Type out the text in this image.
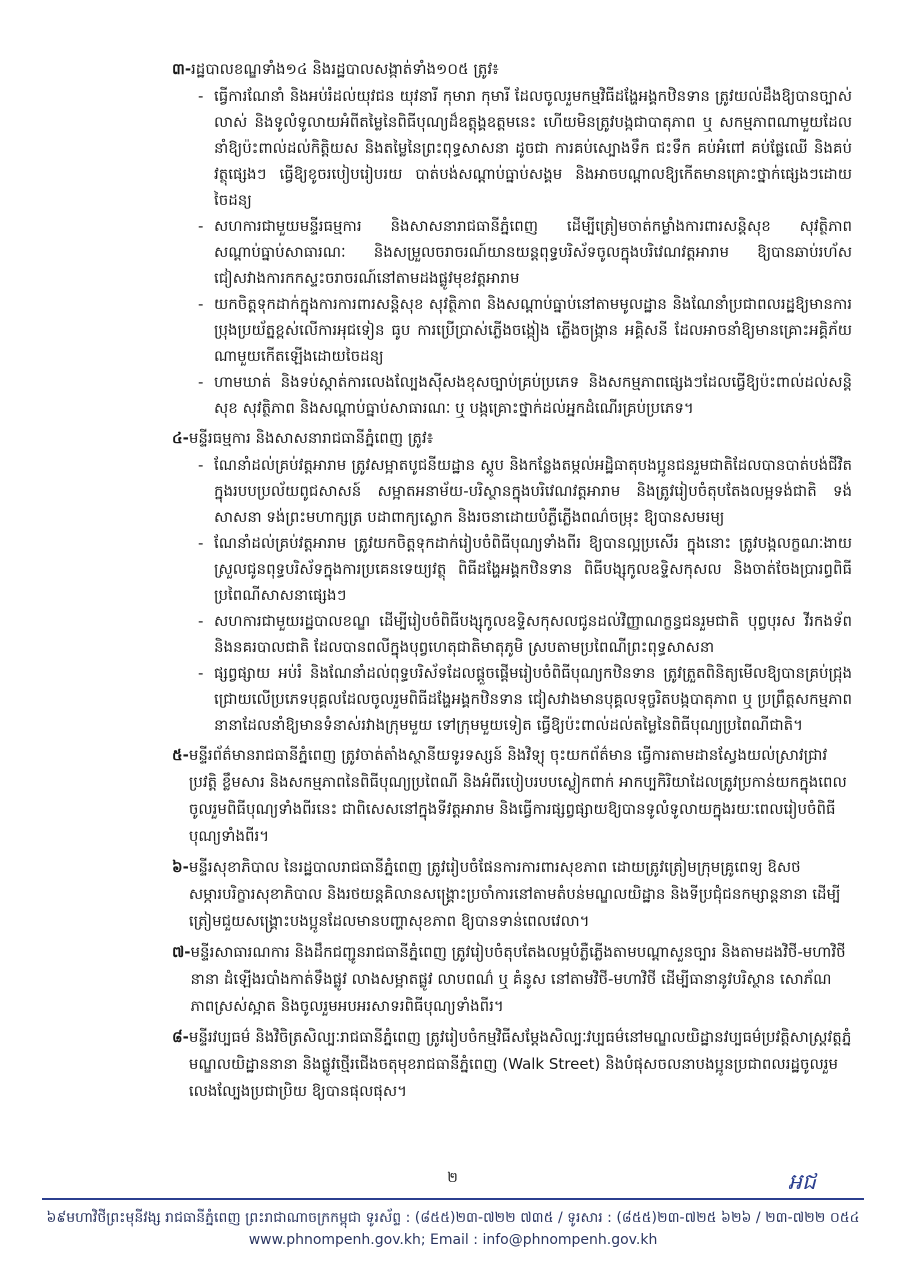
៣- រដ្ឋបាលខណ្ឌទាំង១៤ និងរដ្ឋបាលសង្កាត់ទាំង១០៥ ត្រូវ៖
- ធ្វើការណែនាំ និងអប់រំដល់យុវជន យុវនារី កុមារា កុមារី ដែលចូលរួមកម្មវិធីដង្ហែអង្គកឋិនទាន ត្រូវយល់ដឹងឱ្យបានច្បាស់លាស់ និងទូលំទូលាយអំពីតម្លៃនៃពិធីបុណ្យដ៏ឧត្តុង្គឧត្តមនេះ ហើយមិនត្រូវបង្កជាបាតុភាព ឬ សកម្មភាពណាមួយដែលនាំឱ្យប៉ះពាល់ដល់កិត្តិយស និងតម្លៃនៃព្រះពុទ្ធសាសនា ដូចជា ការគប់ស្បោងទឹក ជះទឹក គប់អំពៅ គប់ផ្លែឈើ និងគប់វត្ថុផ្សេងៗ ធ្វើឱ្យខូចរបៀបរៀបរយ បាត់បង់សណ្តាប់ធ្នាប់សង្គម និងអាចបណ្តាលឱ្យកើតមានគ្រោះថ្នាក់ផ្សេងៗដោយចៃដន្យ
- សហការជាមួយមន្ទីរធម្មការ និងសាសនារាជធានីភ្នំពេញ ដើម្បីត្រៀមចាត់កម្លាំងការពារសន្តិសុខ សុវត្ថិភាព សណ្តាប់ធ្នាប់សាធារណៈ និងសម្រួលចរាចរណ៍យានយន្តពុទ្ធបរិស័ទចូលក្នុងបរិវេណវត្តអារាម ឱ្យបានឆាប់រហ័ស ជៀសវាងការកកស្ទះចរាចរណ៍នៅតាមដងផ្លូវមុខវត្តអារាម
- យកចិត្តទុកដាក់ក្នុងការការពារសន្តិសុខ សុវត្ថិភាព និងសណ្តាប់ធ្នាប់នៅតាមមូលដ្ឋាន និងណែនាំប្រជាពលរដ្ឋឱ្យមានការប្រុងប្រយ័ត្នខ្ពស់លើការអុជទៀន ធូប ការប្រើប្រាស់ភ្លើងចង្កៀង ភ្លើងចង្រ្កាន អគ្គិសនី ដែលអាចនាំឱ្យមានគ្រោះអគ្គិភ័យណាមួយកើតឡើងដោយចៃដន្យ
- ហាមឃាត់ និងទប់ស្កាត់ការលេងល្បែងស៊ីសងខុសច្បាប់គ្រប់ប្រភេទ និងសកម្មភាពផ្សេងៗដែលធ្វើឱ្យប៉ះពាល់ដល់សន្តិសុខ សុវត្ថិភាព និងសណ្តាប់ធ្នាប់សាធារណៈ ឬ បង្កគ្រោះថ្នាក់ដល់អ្នកដំណើរគ្រប់ប្រភេទ។
៤- មន្ទីរធម្មការ និងសាសនារាជធានីភ្នំពេញ ត្រូវ៖
- ណែនាំដល់គ្រប់វត្តអារាម ត្រូវសម្អាតបូជនីយដ្ឋាន ស្តូប និងកន្លែងតម្កល់អដ្ឋិធាតុបងប្អូនជនរួមជាតិដែលបានបាត់បង់ជីវិតក្នុងរបបប្រល័យពូជសាសន៍ សម្អាតអនាម័យ-បរិស្ថានក្នុងបរិវេណវត្តអារាម និងត្រូវរៀបចំតុបតែងលម្អទង់ជាតិ ទង់សាសនា ទង់ព្រះមហាក្សត្រ បដាពាក្យស្លោក និងរចនាដោយបំភ្លឺភ្លើងពណ៌ចម្រុះ ឱ្យបានសមរម្យ
- ណែនាំដល់គ្រប់វត្តអារាម ត្រូវយកចិត្តទុកដាក់រៀបចំពិធីបុណ្យទាំងពីរ ឱ្យបានល្អប្រសើរ ក្នុងនោះ ត្រូវបង្កលក្ខណៈងាយស្រួលជូនពុទ្ធបរិស័ទក្នុងការប្រគេនទេយ្យវត្ថុ ពិធីដង្ហែអង្គកឋិនទាន ពិធីបង្សុកូលឧទ្ទិសកុសល និងចាត់ចែងប្រារព្ធពិធីប្រពៃណីសាសនាផ្សេងៗ
- សហការជាមួយរដ្ឋបាលខណ្ឌ ដើម្បីរៀបចំពិធីបង្សុកូលឧទ្ទិសកុសលជូនដល់វិញ្ញាណក្ខន្ធជនរួមជាតិ បុព្វបុរស វីរកងទ័ព និងនគរបាលជាតិ ដែលបានពលីក្នុងបុព្វហេតុជាតិមាតុភូមិ ស្របតាមប្រពៃណីព្រះពុទ្ធសាសនា
- ផ្សព្វផ្សាយ អប់រំ និងណែនាំដល់ពុទ្ធបរិស័ទដែលផ្តួចផ្តើមរៀបចំពិធីបុណ្យកឋិនទាន ត្រូវត្រួតពិនិត្យមើលឱ្យបានគ្រប់ជ្រុងជ្រោយលើប្រភេទបុគ្គលដែលចូលរួមពិធីដង្ហែអង្គកឋិនទាន ជៀសវាងមានបុគ្គលទុច្ចរិតបង្កបាតុភាព ឬ ប្រព្រឹត្តសកម្មភាពនានាដែលនាំឱ្យមានទំនាស់រវាងក្រុមមួយ ទៅក្រុមមួយទៀត ធ្វើឱ្យប៉ះពាល់ដល់តម្លៃនៃពិធីបុណ្យប្រពៃណីជាតិ។
៥- មន្ទីរព័ត៌មានរាជធានីភ្នំពេញ ត្រូវចាត់តាំងស្ថានីយទូរទស្សន៍ និងវិទ្យុ ចុះយកព័ត៌មាន ធ្វើការតាមដានស្វែងយល់ស្រាវជ្រាវប្រវត្តិ ខ្លឹមសារ និងសកម្មភាពនៃពិធីបុណ្យប្រពៃណី និងអំពីរបៀបរបបស្លៀកពាក់ អាកប្បកិរិយាដែលត្រូវប្រកាន់យកក្នុងពេលចូលរួមពិធីបុណ្យទាំងពីរនេះ ជាពិសេសនៅក្នុងទីវត្តអារាម និងធ្វើការផ្សព្វផ្សាយឱ្យបានទូលំទូលាយក្នុងរយៈពេលរៀបចំពិធីបុណ្យទាំងពីរ។
៦- មន្ទីរសុខាភិបាល នៃរដ្ឋបាលរាជធានីភ្នំពេញ ត្រូវរៀបចំផែនការការពារសុខភាព ដោយត្រូវត្រៀមក្រុមគ្រូពេទ្យ ឱសថ សម្ភារបរិក្ខារសុខាភិបាល និងរថយន្តគិលានសង្គ្រោះប្រចាំការនៅតាមតំបន់មណ្ឌលយិដ្ឋាន និងទីប្រជុំជនកម្សាន្តនានា ដើម្បីត្រៀមជួយសង្គ្រោះបងប្អូនដែលមានបញ្ហាសុខភាព ឱ្យបានទាន់ពេលវេលា។
៧- មន្ទីរសាធារណការ និងដឹកជញ្ជូនរាជធានីភ្នំពេញ ត្រូវរៀបចំតុបតែងលម្អបំភ្លឺភ្លើងតាមបណ្តាសួនច្បារ និងតាមដងវិថី-មហាវិថីនានា ដំឡើងរបាំងកាត់ទឹងផ្លូវ លាងសម្អាតផ្លូវ លាបពណ៌ ឬ គំនូស នៅតាមវិថី-មហាវិថី ដើម្បីធានានូវបរិស្ថាន សោភ័ណភាពស្រស់ស្អាត និងចូលរួមអបអរសាទរពិធីបុណ្យទាំងពីរ។
៨- មន្ទីរវប្បធម៌ និងវិចិត្រសិល្បៈរាជធានីភ្នំពេញ ត្រូវរៀបចំកម្មវិធីសម្តែងសិល្បៈវប្បធម៌នៅមណ្ឌលយិដ្ឋានវប្បធម៌ប្រវត្តិសាស្ត្រវត្តភ្នំ មណ្ឌលយិដ្ឋាននានា និងផ្លូវថ្មើរជើងចតុមុខរាជធានីភ្នំពេញ (Walk Street) និងបំផុសចលនាបងប្អូនប្រជាពលរដ្ឋចូលរួមលេងល្បែងប្រជាប្រិយ ឱ្យបានផុលផុស។
២	អជ
៦៩មហាវិថីព្រះមុនីវង្ស រាជធានីភ្នំពេញ ព្រះរាជាណាចក្រកម្ពុជា ទូរស័ព្ទ : (៨៥៥)២៣-៧២២ ៧៣៥ / ទូរសារ : (៨៥៥)២៣-៧២៥ ៦២៦ / ២៣-៧២២ ០៥៤
www.phnompenh.gov.kh; Email : info@phnompenh.gov.kh
